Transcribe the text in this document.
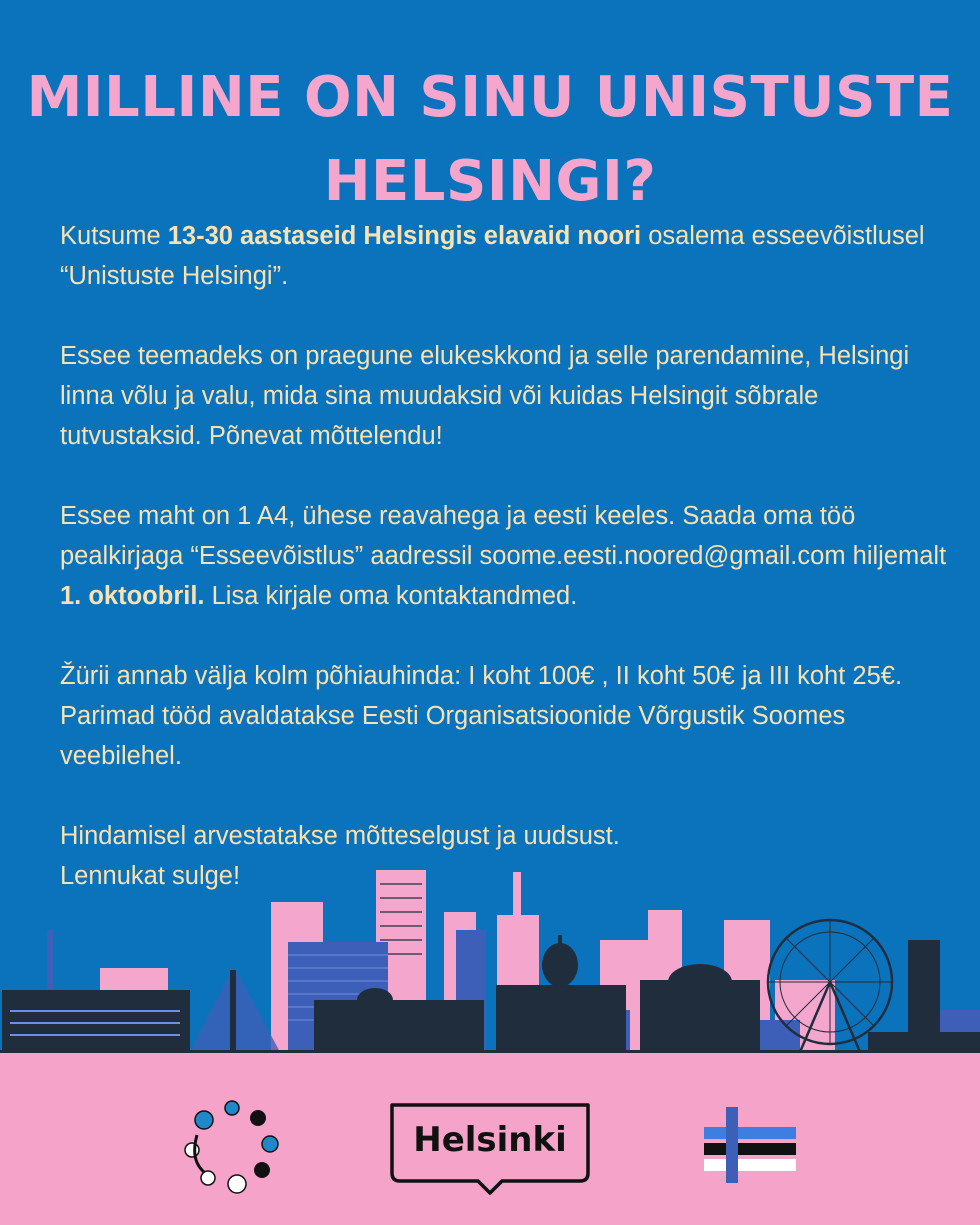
MILLINE ON SINU UNISTUSTE
HELSINGI?

Kutsume 13-30 aastaseid Helsingis elavaid noori osalema esseevõistlusel “Unistuste Helsingi”.

Essee teemadeks on praegune elukeskkond ja selle parendamine, Helsingi linna võlu ja valu, mida sina muudaksid või kuidas Helsingit sõbrale tutvustaksid. Põnevat mõttelendu!

Essee maht on 1 A4, ühese reavahega ja eesti keeles. Saada oma töö pealkirjaga “Esseevõistlus” aadressil soome.eesti.noored@gmail.com hiljemalt 1. oktoobril. Lisa kirjale oma kontaktandmed.

Žürii annab välja kolm põhiauhinda: I koht 100€ , II koht 50€ ja III koht 25€. Parimad tööd avaldatakse Eesti Organisatsioonide Võrgustik Soomes veebilehel.

Hindamisel arvestatakse mõtteselgust ja uudsust.
Lennukat sulge!

Helsinki
